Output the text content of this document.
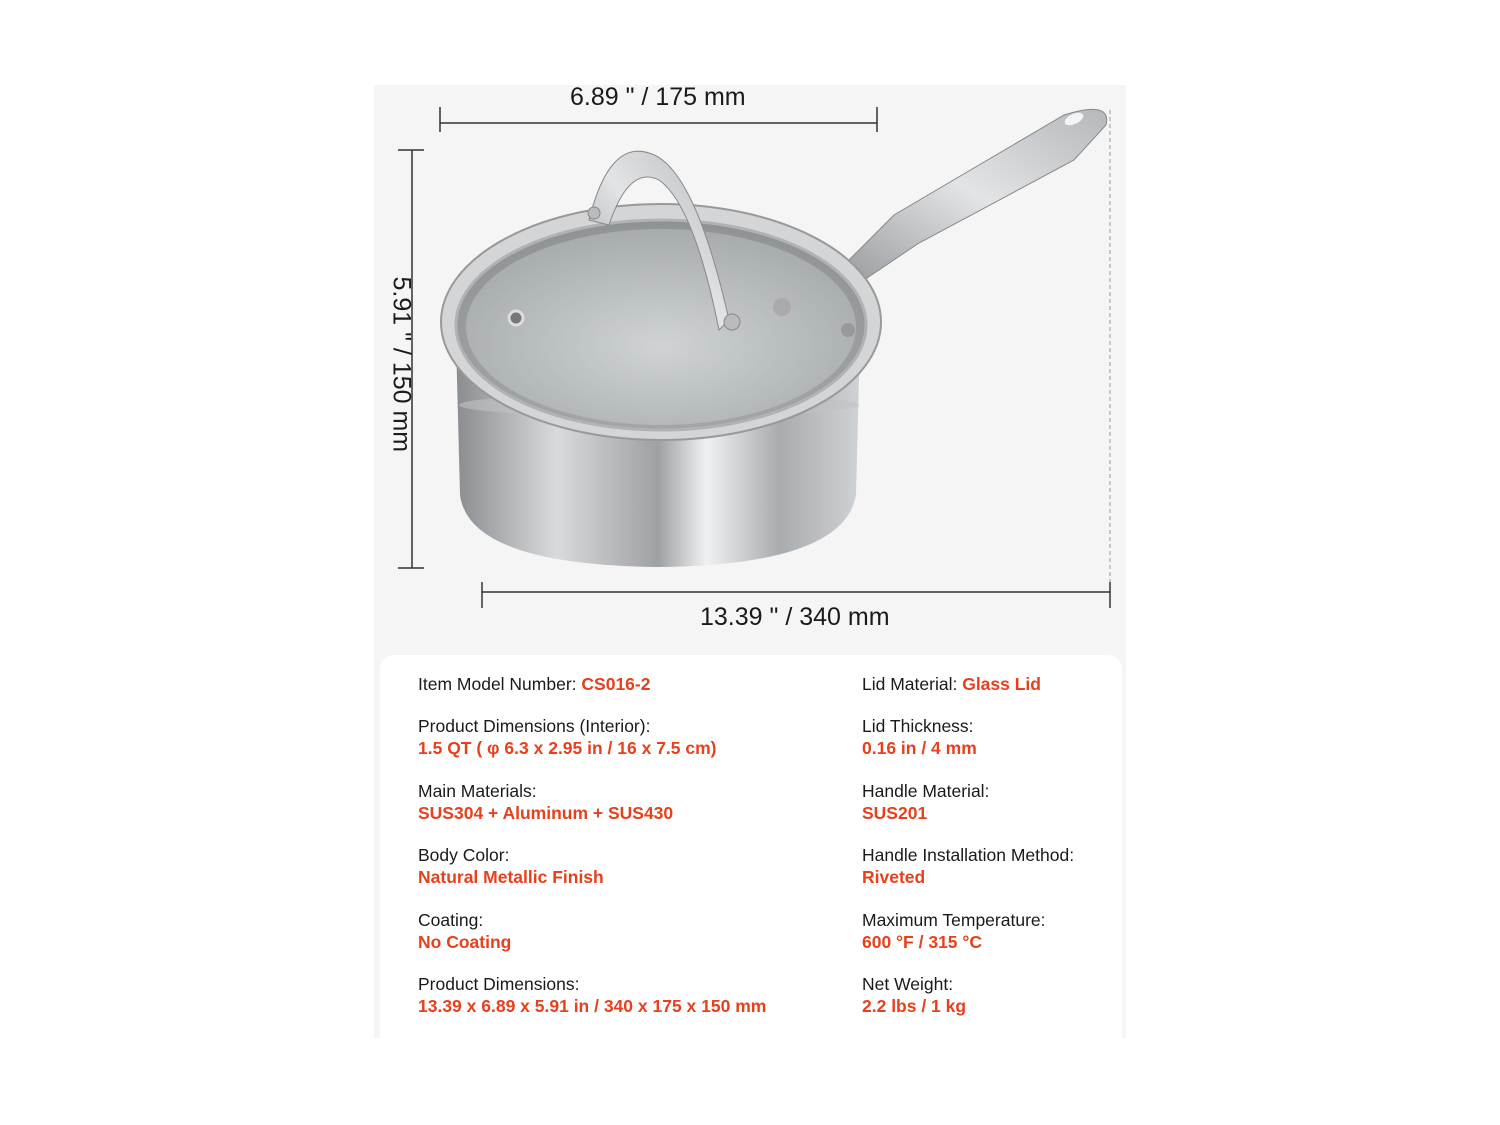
6.89 " / 175 mm
13.39 " / 340 mm
5.91 " / 150 mm
Item Model Number: CS016-2
Product Dimensions (Interior):
1.5 QT ( φ 6.3 x 2.95 in / 16 x 7.5 cm)
Main Materials:
SUS304 + Aluminum + SUS430
Body Color:
Natural Metallic Finish
Coating:
No Coating
Product Dimensions:
13.39 x 6.89 x 5.91 in / 340 x 175 x 150 mm
Lid Material: Glass Lid
Lid Thickness:
0.16 in / 4 mm
Handle Material:
SUS201
Handle Installation Method:
Riveted
Maximum Temperature:
600 °F / 315 °C
Net Weight:
2.2 lbs / 1 kg
